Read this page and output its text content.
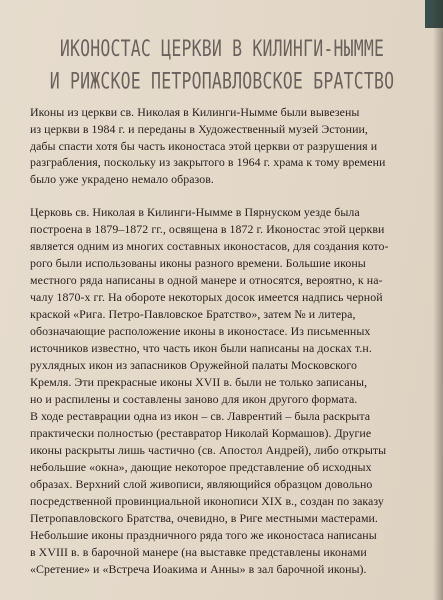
ИКОНОСТАС ЦЕРКВИ В КИЛИНГИ-НЫММЕ
И РИЖСКОЕ ПЕТРОПАВЛОВСКОЕ БРАТСТВО
Иконы из церкви св. Николая в Килинги-Нымме были вывезены
из церкви в 1984 г. и переданы в Художественный музей Эстонии,
дабы спасти хотя бы часть иконостаса этой церкви от разрушения и
разграбления, поскольку из закрытого в 1964 г. храма к тому времени
было уже украдено немало образов.
Церковь св. Николая в Килинги-Нымме в Пярнуском уезде была
построена в 1879–1872 гг., освящена в 1872 г. Иконостас этой церкви
является одним из многих составных иконостасов, для создания кото-
рого были использованы иконы разного времени. Большие иконы
местного ряда написаны в одной манере и относятся, вероятно, к на-
чалу 1870-х гг. На обороте некоторых досок имеется надпись черной
краской «Рига. Петро-Павловское Братство», затем № и литера,
обозначающие расположение иконы в иконостасе. Из письменных
источников известно, что часть икон были написаны на досках т.н.
рухлядных икон из запасников Оружейной палаты Московского
Кремля. Эти прекрасные иконы XVII в. были не только записаны,
но и распилены и составлены заново для икон другого формата.
В ходе реставрации одна из икон – св. Лаврентий – была раскрыта
практически полностью (реставратор Николай Кормашов). Другие
иконы раскрыты лишь частично (св. Апостол Андрей), либо открыты
небольшие «окна», дающие некоторое представление об исходных
образах. Верхний слой живописи, являющийся образцом довольно
посредственной провинциальной иконописи XIX в., создан по заказу
Петропавловского Братства, очевидно, в Риге местными мастерами.
Небольшие иконы праздничного ряда того же иконостаса написаны
в XVIII в. в барочной манере (на выставке представлены иконами
«Сретение» и «Встреча Иоакима и Анны» в зал барочной иконы).
